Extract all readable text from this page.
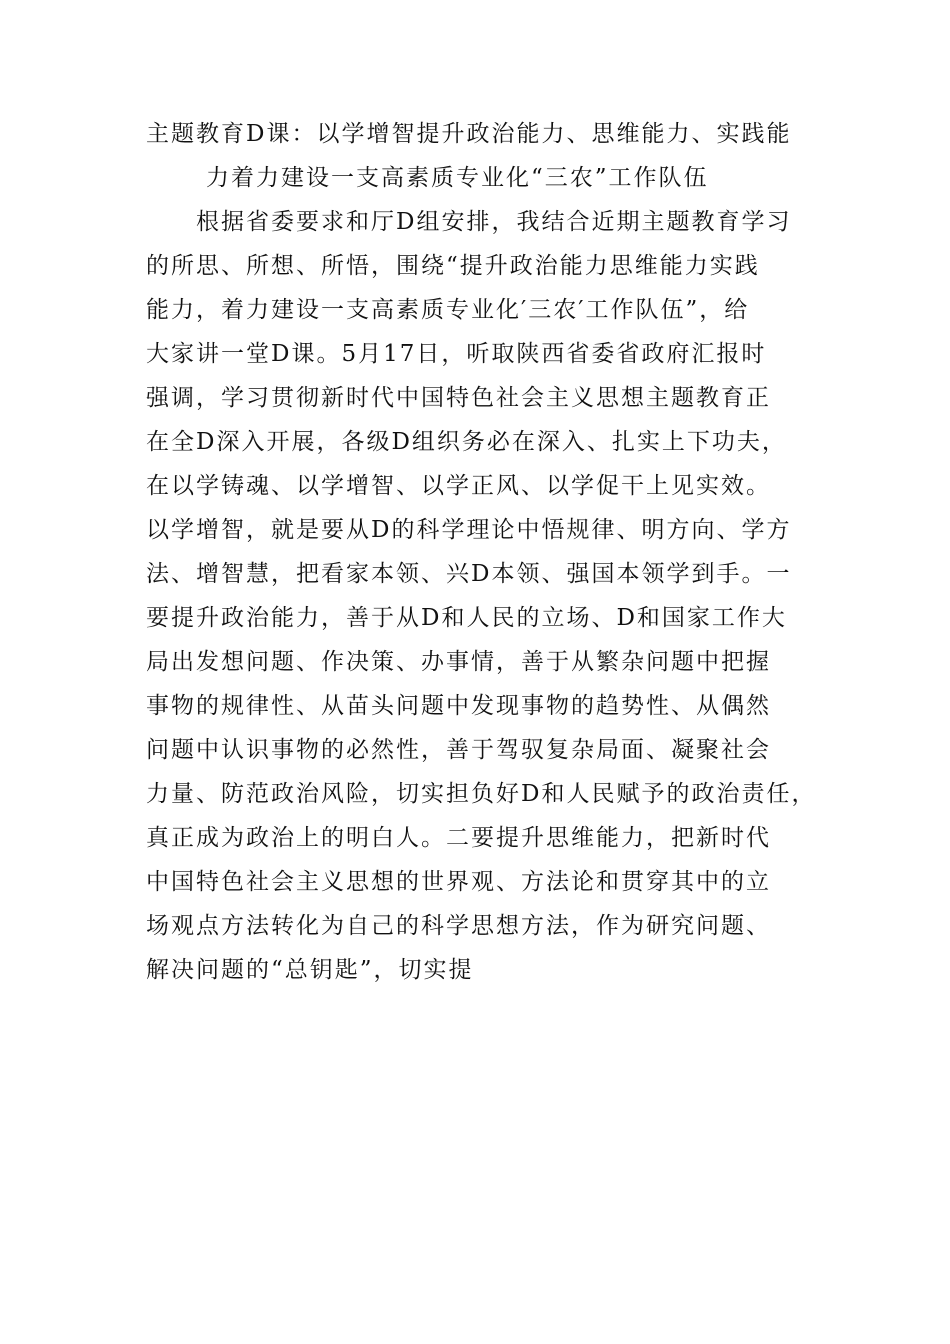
主题教育D课：以学增智提升政治能力、思维能力、实践能
力着力建设一支高素质专业化“三农”工作队伍
根据省委要求和厅D组安排，我结合近期主题教育学习
的所思、所想、所悟，围绕“提升政治能力思维能力实践
能力，着力建设一支高素质专业化′三农′工作队伍”，给
大家讲一堂D课。5月17日，听取陕西省委省政府汇报时
强调，学习贯彻新时代中国特色社会主义思想主题教育正
在全D深入开展，各级D组织务必在深入、扎实上下功夫，
在以学铸魂、以学增智、以学正风、以学促干上见实效。
以学增智，就是要从D的科学理论中悟规律、明方向、学方
法、增智慧，把看家本领、兴D本领、强国本领学到手。一
要提升政治能力，善于从D和人民的立场、D和国家工作大
局出发想问题、作决策、办事情，善于从繁杂问题中把握
事物的规律性、从苗头问题中发现事物的趋势性、从偶然
问题中认识事物的必然性，善于驾驭复杂局面、凝聚社会
力量、防范政治风险，切实担负好D和人民赋予的政治责任，
真正成为政治上的明白人。二要提升思维能力，把新时代
中国特色社会主义思想的世界观、方法论和贯穿其中的立
场观点方法转化为自己的科学思想方法，作为研究问题、
解决问题的“总钥匙”，切实提
